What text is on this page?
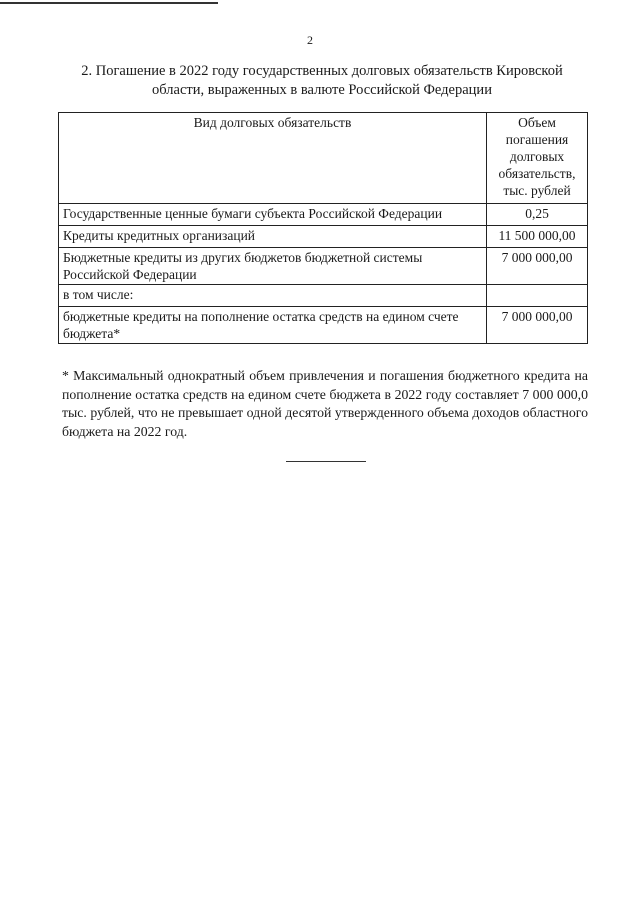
2
2. Погашение в 2022 году государственных долговых обязательств Кировской
области, выраженных в валюте Российской Федерации
Вид долговых обязательств	Объем
погашения
долговых
обязательств,
тыс. рублей

Государственные ценные бумаги субъекта Российской Федерации	0,25
Кредиты кредитных организаций	11 500 000,00
Бюджетные кредиты из других бюджетов бюджетной системы Российской Федерации	7 000 000,00
в том числе:	
бюджетные кредиты на пополнение остатка средств на едином счете бюджета*	7 000 000,00
* Максимальный однократный объем привлечения и погашения бюджетного кредита на пополнение остатка средств на едином счете бюджета в 2022 году составляет 7 000 000,0 тыс. рублей, что не превышает одной десятой утвержденного объема доходов областного бюджета на 2022 год.
